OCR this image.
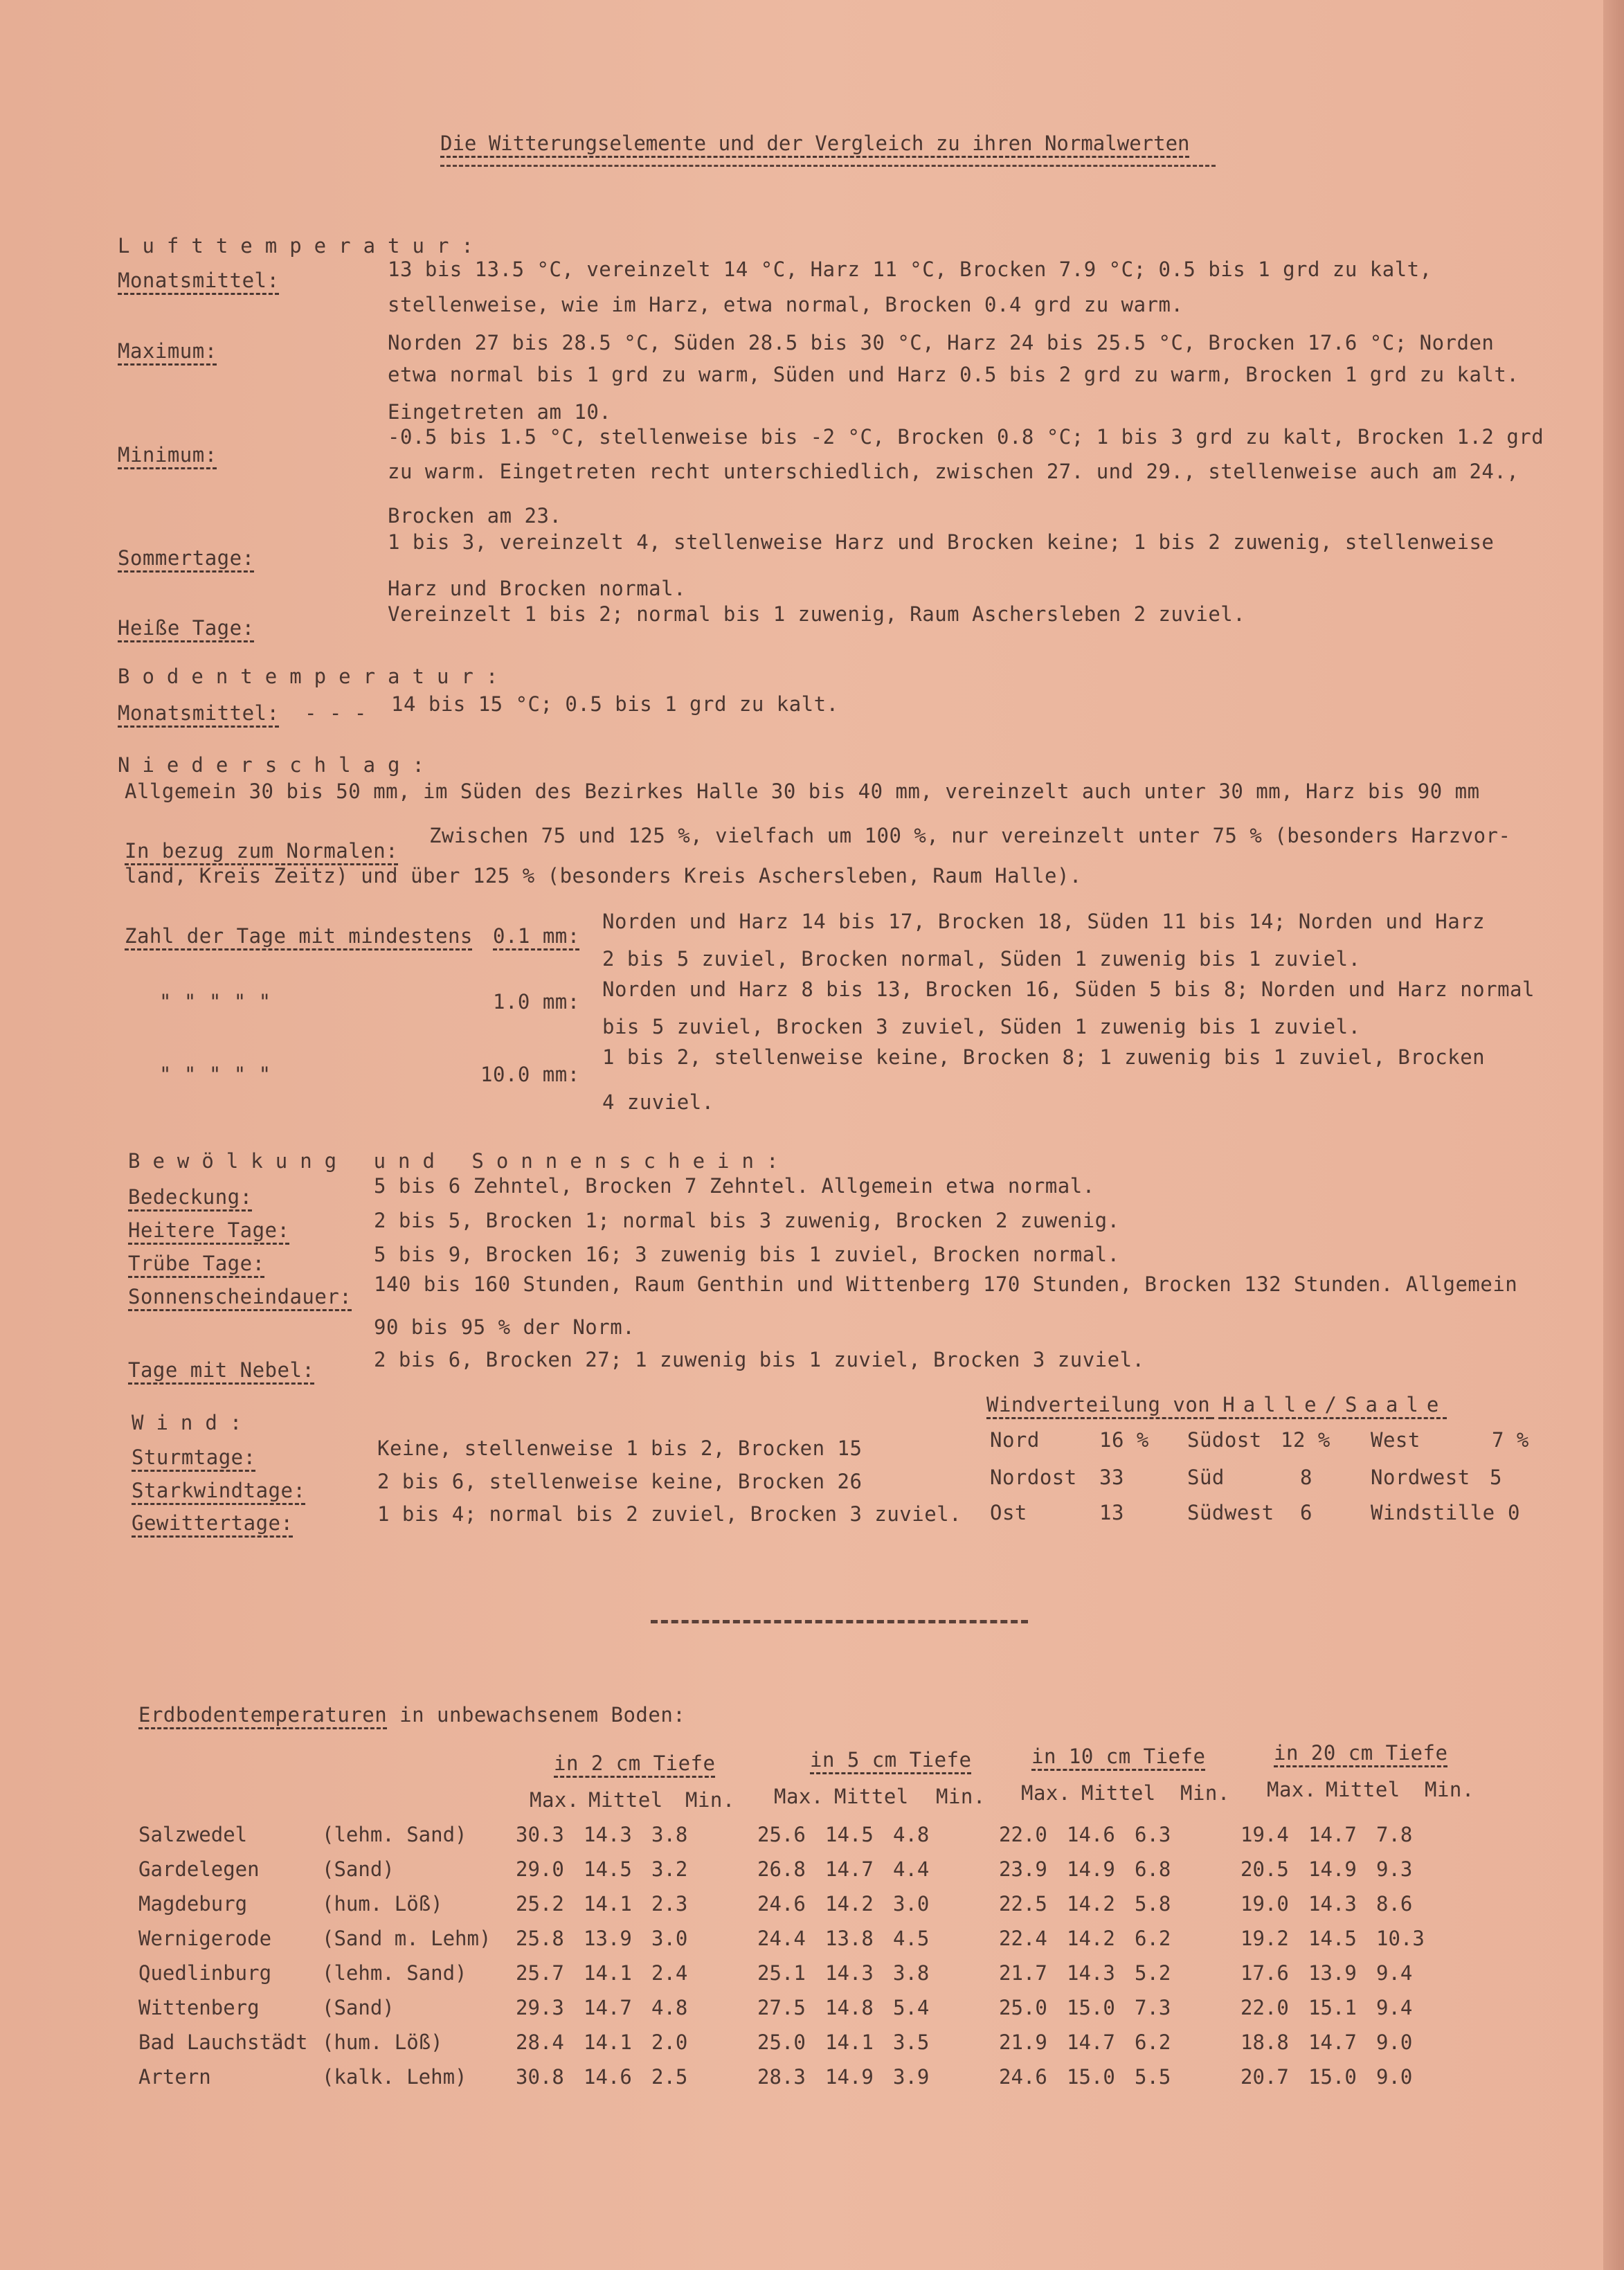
Die Witterungselemente und der Vergleich zu ihren Normalwerten
Lufttemperatur:
Monatsmittel:	13 bis 13.5 °C, vereinzelt 14 °C, Harz 11 °C, Brocken 7.9 °C; 0.5 bis 1 grd zu kalt,
stellenweise, wie im Harz, etwa normal, Brocken 0.4 grd zu warm.
Maximum:	Norden 27 bis 28.5 °C, Süden 28.5 bis 30 °C, Harz 24 bis 25.5 °C, Brocken 17.6 °C; Norden
etwa normal bis 1 grd zu warm, Süden und Harz 0.5 bis 2 grd zu warm, Brocken 1 grd zu kalt.
Eingetreten am 10.
Minimum:
-0.5 bis 1.5 °C, stellenweise bis -2 °C, Brocken 0.8 °C; 1 bis 3 grd zu kalt, Brocken 1.2 grd
zu warm. Eingetreten recht unterschiedlich, zwischen 27. und 29., stellenweise auch am 24.,
Brocken am 23.
Sommertage:
1 bis 3, vereinzelt 4, stellenweise Harz und Brocken keine; 1 bis 2 zuwenig, stellenweise
Harz und Brocken normal.
Heiße Tage:
Vereinzelt 1 bis 2; normal bis 1 zuwenig, Raum Aschersleben 2 zuviel.
Bodentemperatur:
Monatsmittel: - - - 14 bis 15 °C; 0.5 bis 1 grd zu kalt.
Niederschlag:
Allgemein 30 bis 50 mm, im Süden des Bezirkes Halle 30 bis 40 mm, vereinzelt auch unter 30 mm, Harz bis 90 mm
In bezug zum Normalen:
Zwischen 75 und 125 %, vielfach um 100 %, nur vereinzelt unter 75 % (besonders Harzvor-
land, Kreis Zeitz) und über 125 % (besonders Kreis Aschersleben, Raum Halle).
Zahl der Tage mit mindestens 0.1 mm:
Norden und Harz 14 bis 17, Brocken 18, Süden 11 bis 14; Norden und Harz
2 bis 5 zuviel, Brocken normal, Süden 1 zuwenig bis 1 zuviel.
" " " " "	1.0 mm:
Norden und Harz 8 bis 13, Brocken 16, Süden 5 bis 8; Norden und Harz normal
bis 5 zuviel, Brocken 3 zuviel, Süden 1 zuwenig bis 1 zuviel.
" " " " "	10.0 mm:
1 bis 2, stellenweise keine, Brocken 8; 1 zuwenig bis 1 zuviel, Brocken
4 zuviel.
Bewölkung und Sonnenschein:
Bedeckung:	5 bis 6 Zehntel, Brocken 7 Zehntel. Allgemein etwa normal.
Heitere Tage:	2 bis 5, Brocken 1; normal bis 3 zuwenig, Brocken 2 zuwenig.
Trübe Tage:	5 bis 9, Brocken 16; 3 zuwenig bis 1 zuviel, Brocken normal.
Sonnenscheindauer:
140 bis 160 Stunden, Raum Genthin und Wittenberg 170 Stunden, Brocken 132 Stunden. Allgemein
90 bis 95 % der Norm.
Tage mit Nebel:	2 bis 6, Brocken 27; 1 zuwenig bis 1 zuviel, Brocken 3 zuviel.
Wind:
Sturmtage:	Keine, stellenweise 1 bis 2, Brocken 15
Starkwindtage:	2 bis 6, stellenweise keine, Brocken 26
Gewittertage:	1 bis 4; normal bis 2 zuviel, Brocken 3 zuviel.
Windverteilung von Halle/Saale
Nord	16 % Südost 12 % West	7 %
Nordost 33	Süd	8	Nordwest 5
Ost	13	Südwest 6	Windstille 0
Erdbodentemperaturen in unbewachsenem Boden:
in 2 cm Tiefe	in 5 cm Tiefe	in 10 cm Tiefe	in 20 cm Tiefe
Max. Mittel Min. Max. Mittel Min. Max. Mittel Min. Max. Mittel Min.
Salzwedel	(lehm. Sand)	30.3	14.3	3.8		25.6	14.5	4.8		22.0	14.6	6.3		19.4	14.7	7.8
Gardelegen	(Sand)	29.0	14.5	3.2		26.8	14.7	4.4		23.9	14.9	6.8		20.5	14.9	9.3
Magdeburg	(hum. Löß)	25.2	14.1	2.3		24.6	14.2	3.0		22.5	14.2	5.8		19.0	14.3	8.6
Wernigerode	(Sand m. Lehm)	25.8	13.9	3.0		24.4	13.8	4.5		22.4	14.2	6.2		19.2	14.5	10.3
Quedlinburg	(lehm. Sand)	25.7	14.1	2.4		25.1	14.3	3.8		21.7	14.3	5.2		17.6	13.9	9.4
Wittenberg	(Sand)	29.3	14.7	4.8		27.5	14.8	5.4		25.0	15.0	7.3		22.0	15.1	9.4
Bad Lauchstädt	(hum. Löß)	28.4	14.1	2.0		25.0	14.1	3.5		21.9	14.7	6.2		18.8	14.7	9.0
Artern	(kalk. Lehm)	30.8	14.6	2.5		28.3	14.9	3.9		24.6	15.0	5.5		20.7	15.0	9.0
